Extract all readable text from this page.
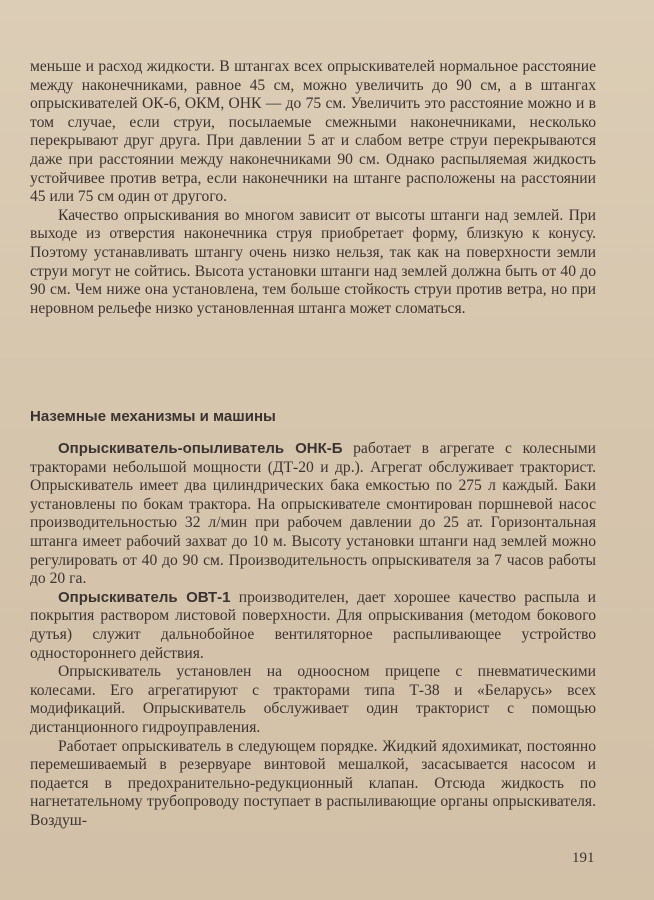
меньше и расход жидкости. В штангах всех опрыскивателей нормальное расстояние между наконечниками, равное 45 см, можно увеличить до 90 см, а в штангах опрыскивателей ОК-6, ОКМ, ОНК — до 75 см. Увеличить это расстояние можно и в том случае, если струи, посылаемые смежными наконечниками, несколько перекрывают друг друга. При давлении 5 ат и слабом ветре струи перекрываются даже при расстоянии между наконечниками 90 см. Однако распыляемая жидкость устойчивее против ветра, если наконечники на штанге расположены на расстоянии 45 или 75 см один от другого.

Качество опрыскивания во многом зависит от высоты штанги над землей. При выходе из отверстия наконечника струя приобретает форму, близкую к конусу. Поэтому устанавливать штангу очень низко нельзя, так как на поверхности земли струи могут не сойтись. Высота установки штанги над землей должна быть от 40 до 90 см. Чем ниже она установлена, тем больше стойкость струи против ветра, но при неровном рельефе низко установленная штанга может сломаться.

Наземные механизмы и машины

Опрыскиватель-опыливатель ОНК-Б работает в агрегате с колесными тракторами небольшой мощности (ДТ-20 и др.). Агрегат обслуживает тракторист. Опрыскиватель имеет два цилиндрических бака емкостью по 275 л каждый. Баки установлены по бокам трактора. На опрыскивателе смонтирован поршневой насос производительностью 32 л/мин при рабочем давлении до 25 ат. Горизонтальная штанга имеет рабочий захват до 10 м. Высоту установки штанги над землей можно регулировать от 40 до 90 см. Производительность опрыскивателя за 7 часов работы до 20 га.

Опрыскиватель ОВТ-1 производителен, дает хорошее качество распыла и покрытия раствором листовой поверхности. Для опрыскивания (методом бокового дутья) служит дальнобойное вентиляторное распыливающее устройство одностороннего действия.

Опрыскиватель установлен на одноосном прицепе с пневматическими колесами. Его агрегатируют с тракторами типа Т-38 и «Беларусь» всех модификаций. Опрыскиватель обслуживает один тракторист с помощью дистанционного гидроуправления.

Работает опрыскиватель в следующем порядке. Жидкий ядохимикат, постоянно перемешиваемый в резервуаре винтовой мешалкой, засасывается насосом и подается в предохранительно-редукционный клапан. Отсюда жидкость по нагнетательному трубопроводу поступает в распыливающие органы опрыскивателя. Воздуш-

191
